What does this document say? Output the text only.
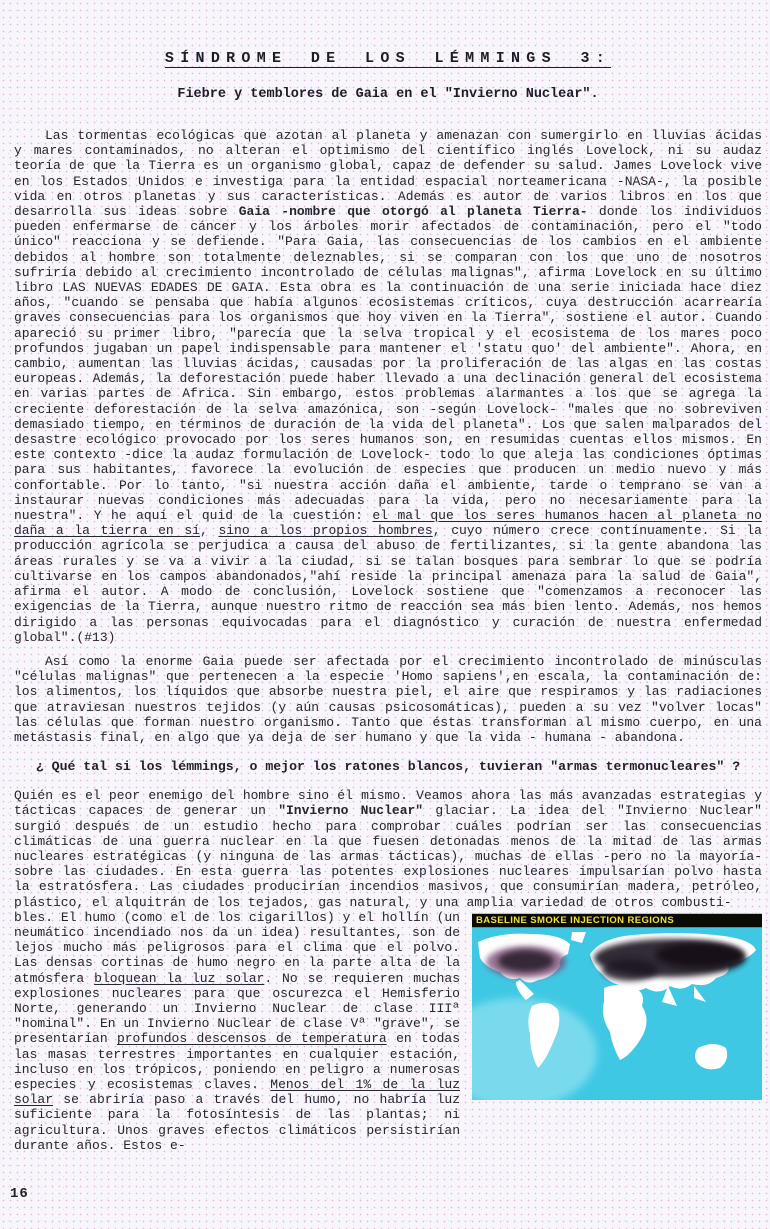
SÍNDROME DE LOS LÉMMINGS 3:
Fiebre y temblores de Gaia en el "Invierno Nuclear".

Las tormentas ecológicas que azotan al planeta y amenazan con sumergirlo en lluvias ácidas y mares contaminados, no alteran el optimismo del científico inglés Lovelock, ni su audaz teoría de que la Tierra es un organismo global, capaz de defender su salud. James Lovelock vive en los Estados Unidos e investiga para la entidad espacial norteamericana -NASA-, la posible vida en otros planetas y sus características. Además es autor de varios libros en los que desarrolla sus ideas sobre Gaia -nombre que otorgó al planeta Tierra- donde los individuos pueden enfermarse de cáncer y los árboles morir afectados de contaminación, pero el "todo único" reacciona y se defiende. "Para Gaia, las consecuencias de los cambios en el ambiente debidos al hombre son totalmente deleznables, si se comparan con los que uno de nosotros sufriría debido al crecimiento incontrolado de células malignas", afirma Lovelock en su último libro LAS NUEVAS EDADES DE GAIA. Esta obra es la continuación de una serie iniciada hace diez años, "cuando se pensaba que había algunos ecosistemas críticos, cuya destrucción acarrearía graves consecuencias para los organismos que hoy viven en la Tierra", sostiene el autor. Cuando apareció su primer libro, "parecía que la selva tropical y el ecosistema de los mares poco profundos jugaban un papel indispensable para mantener el 'statu quo' del ambiente". Ahora, en cambio, aumentan las lluvias ácidas, causadas por la proliferación de las algas en las costas europeas. Además, la deforestación puede haber llevado a una declinación general del ecosistema en varias partes de Africa. Sin embargo, estos problemas alarmantes a los que se agrega la creciente deforestación de la selva amazónica, son -según Lovelock- "males que no sobreviven demasiado tiempo, en términos de duración de la vida del planeta". Los que salen malparados del desastre ecológico provocado por los seres humanos son, en resumidas cuentas ellos mismos. En este contexto -dice la audaz formulación de Lovelock- todo lo que aleja las condiciones óptimas para sus habitantes, favorece la evolución de especies que producen un medio nuevo y más confortable. Por lo tanto, "si nuestra acción daña el ambiente, tarde o temprano se van a instaurar nuevas condiciones más adecuadas para la vida, pero no necesariamente para la nuestra". Y he aquí el quid de la cuestión: el mal que los seres humanos hacen al planeta no daña a la tierra en sí, sino a los propios hombres, cuyo número crece contínuamente. Si la producción agrícola se perjudica a causa del abuso de fertilizantes, si la gente abandona las áreas rurales y se va a vivir a la ciudad, si se talan bosques para sembrar lo que se podría cultivarse en los campos abandonados,"ahí reside la principal amenaza para la salud de Gaia", afirma el autor. A modo de conclusión, Lovelock sostiene que "comenzamos a reconocer las exigencias de la Tierra, aunque nuestro ritmo de reacción sea más bien lento. Además, nos hemos dirigido a las personas equivocadas para el diagnóstico y curación de nuestra enfermedad global".(#13)

Así como la enorme Gaia puede ser afectada por el crecimiento incontrolado de minúsculas "células malignas" que pertenecen a la especie 'Homo sapiens',en escala, la contaminación de: los alimentos, los líquidos que absorbe nuestra piel, el aire que respiramos y las radiaciones que atraviesan nuestros tejidos (y aún causas psicosomáticas), pueden a su vez "volver locas" las células que forman nuestro organismo. Tanto que éstas transforman al mismo cuerpo, en una metástasis final, en algo que ya deja de ser humano y que la vida - humana - abandona.

¿ Qué tal si los lémmings, o mejor los ratones blancos, tuvieran "armas termonucleares" ?

Quién es el peor enemigo del hombre sino él mismo. Veamos ahora las más avanzadas estrategias y tácticas capaces de generar un "Invierno Nuclear" glaciar. La idea del "Invierno Nuclear" surgió después de un estudio hecho para comprobar cuáles podrían ser las consecuencias climáticas de una guerra nuclear en la que fuesen detonadas menos de la mitad de las armas nucleares estratégicas (y ninguna de las armas tácticas), muchas de ellas -pero no la mayoría- sobre las ciudades. En esta guerra las potentes explosiones nucleares impulsarían polvo hasta la estratósfera. Las ciudades producirían incendios masivos, que consumirían madera, petróleo, plástico, el alquitrán de los tejados, gas natural, y una amplia variedad de otros combusti-

BASELINE SMOKE INJECTION REGIONS

bles. El humo (como el de los cigarillos) y el hollín (un neumático incendiado nos da un idea) resultantes, son de lejos mucho más peligrosos para el clima que el polvo. Las densas cortinas de humo negro en la parte alta de la atmósfera bloquean la luz solar. No se requieren muchas explosiones nucleares para que oscurezca el Hemisferio Norte, generando un Invierno Nuclear de clase IIIª "nominal". En un Invierno Nuclear de clase Vª "grave", se presentarían profundos descensos de temperatura en todas las masas terrestres importantes en cualquier estación, incluso en los trópicos, poniendo en peligro a numerosas especies y ecosistemas claves. Menos del 1% de la luz solar se abriría paso a través del humo, no habría luz suficiente para la fotosíntesis de las plantas; ni agricultura. Unos graves efectos climáticos persistirían durante años. Estos e-

16
